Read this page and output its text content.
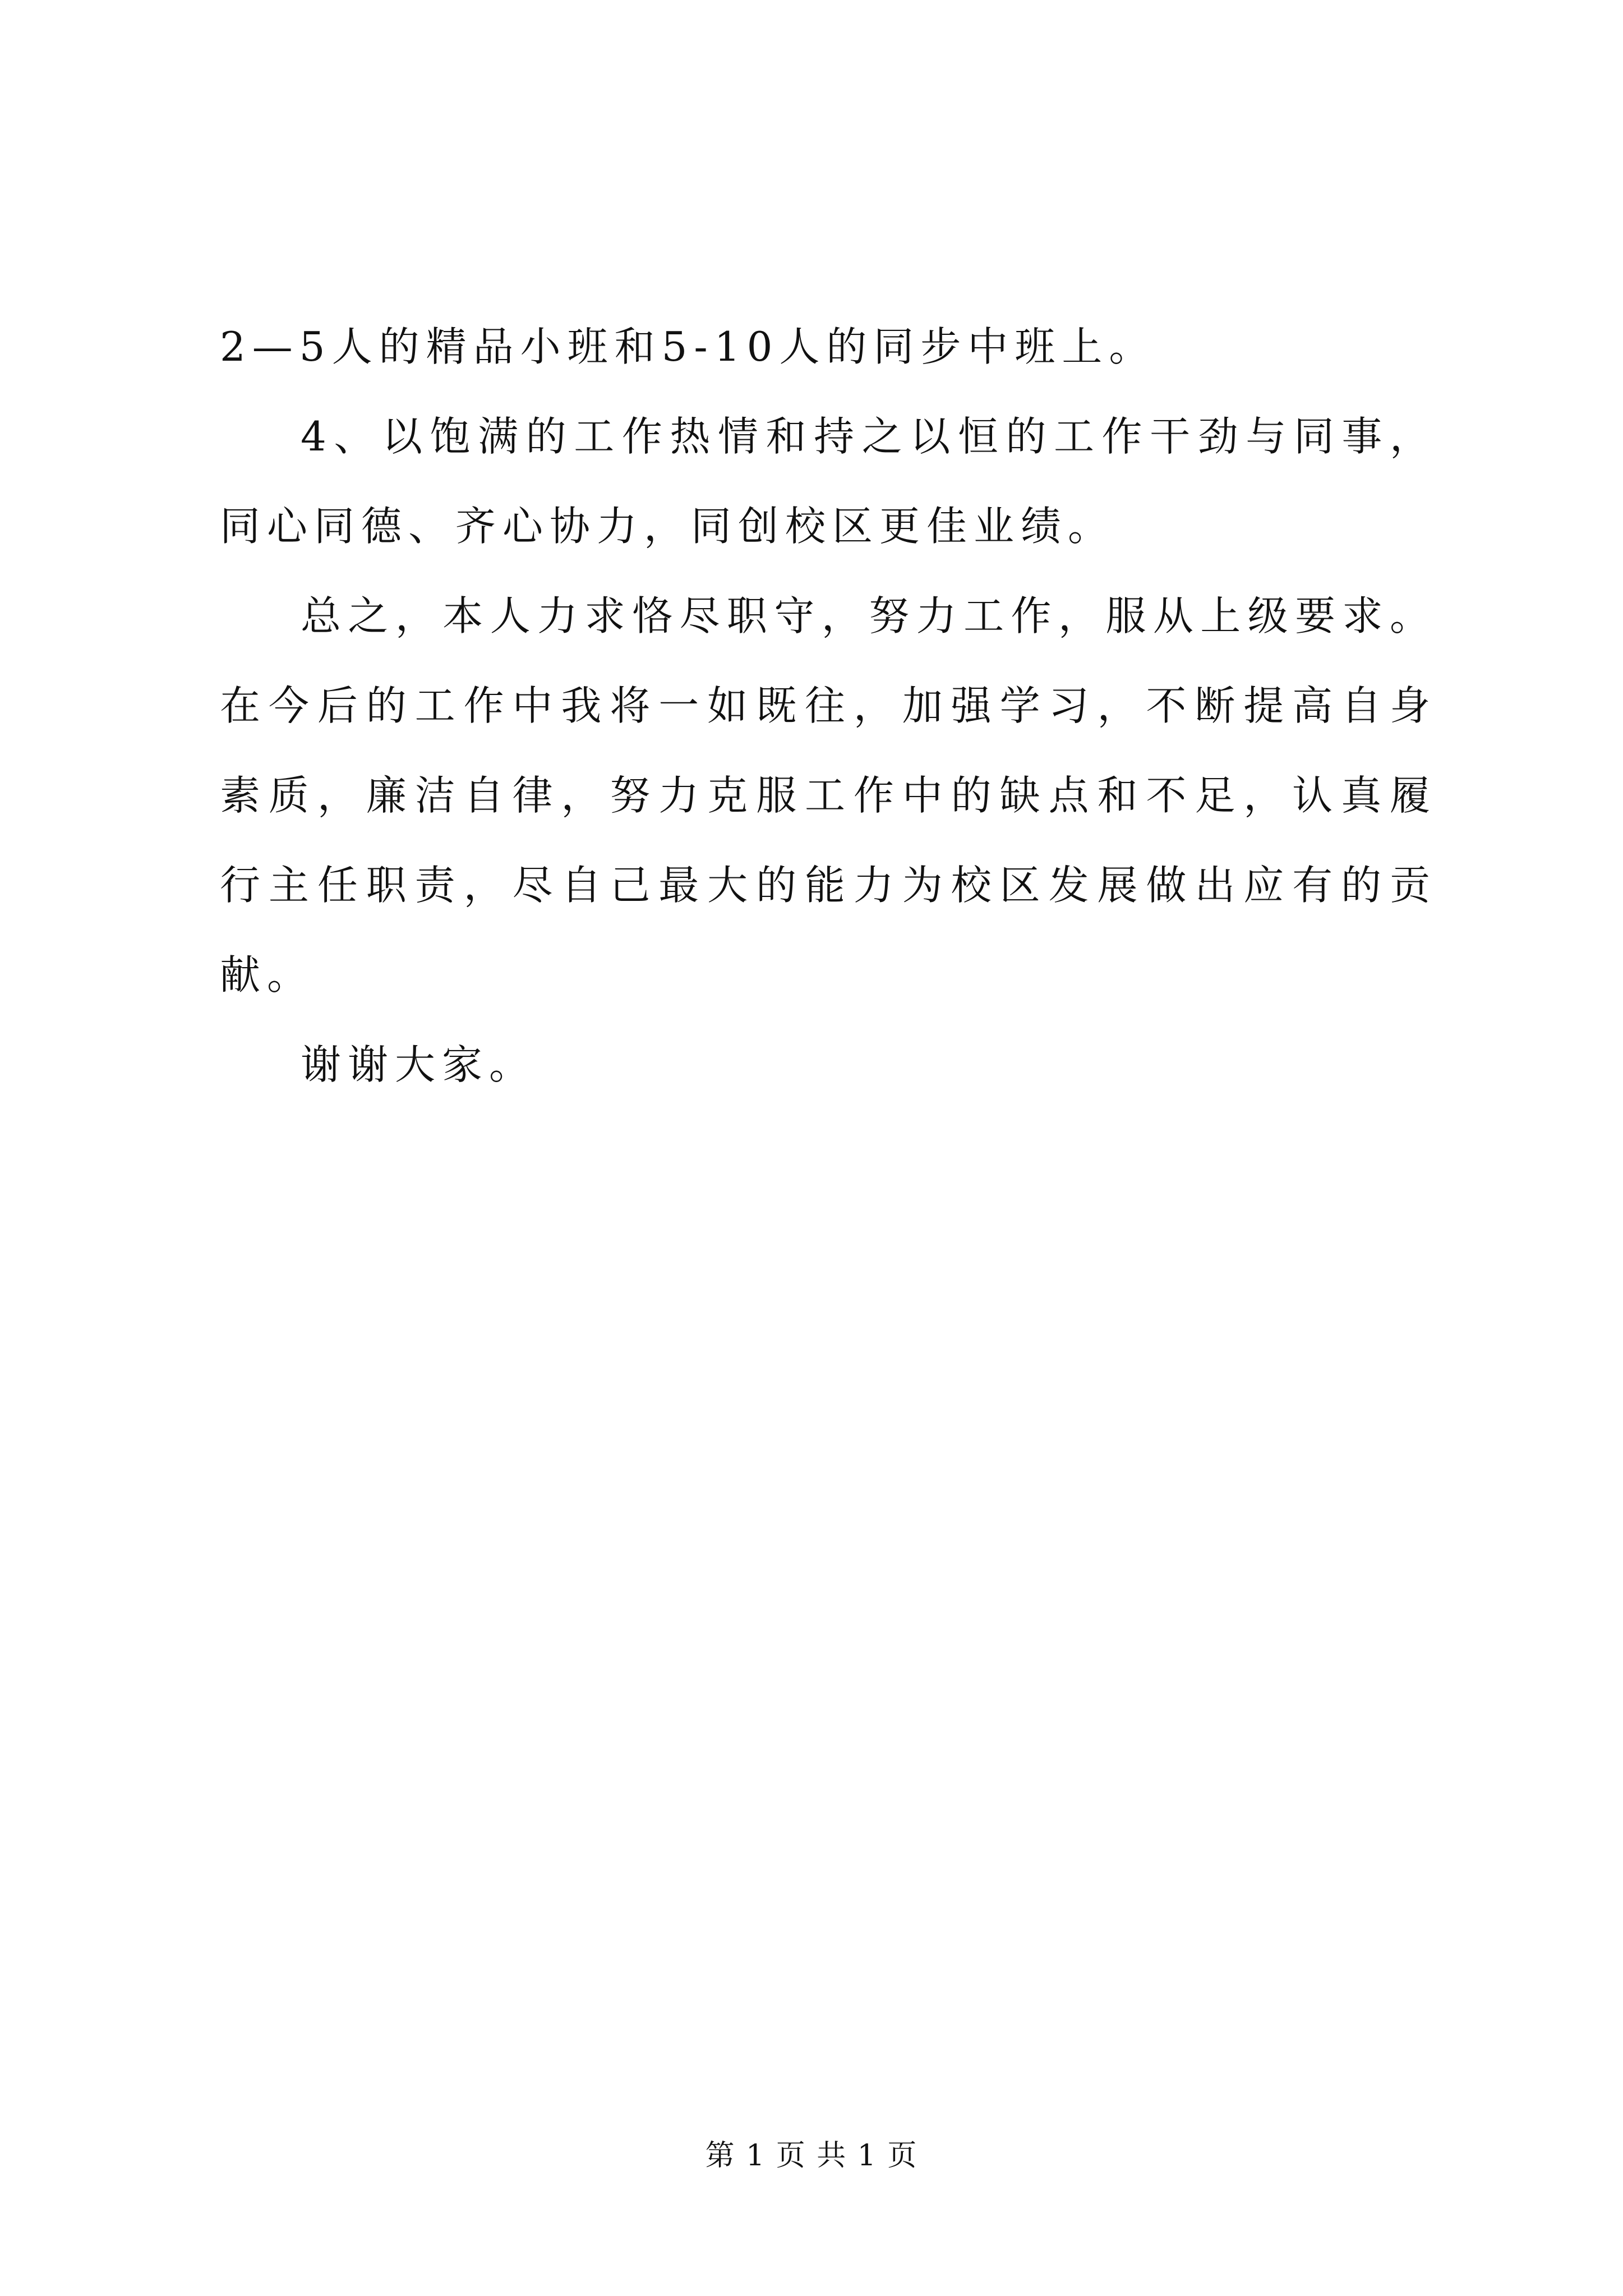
2—5人的精品小班和5-10人的同步中班上。

4、以饱满的工作热情和持之以恒的工作干劲与同事，同心同德、齐心协力，同创校区更佳业绩。

总之，本人力求恪尽职守，努力工作，服从上级要求。在今后的工作中我将一如既往，加强学习，不断提高自身素质，廉洁自律，努力克服工作中的缺点和不足，认真履行主任职责，尽自己最大的能力为校区发展做出应有的贡献。

谢谢大家。

第 1 页 共 1 页
